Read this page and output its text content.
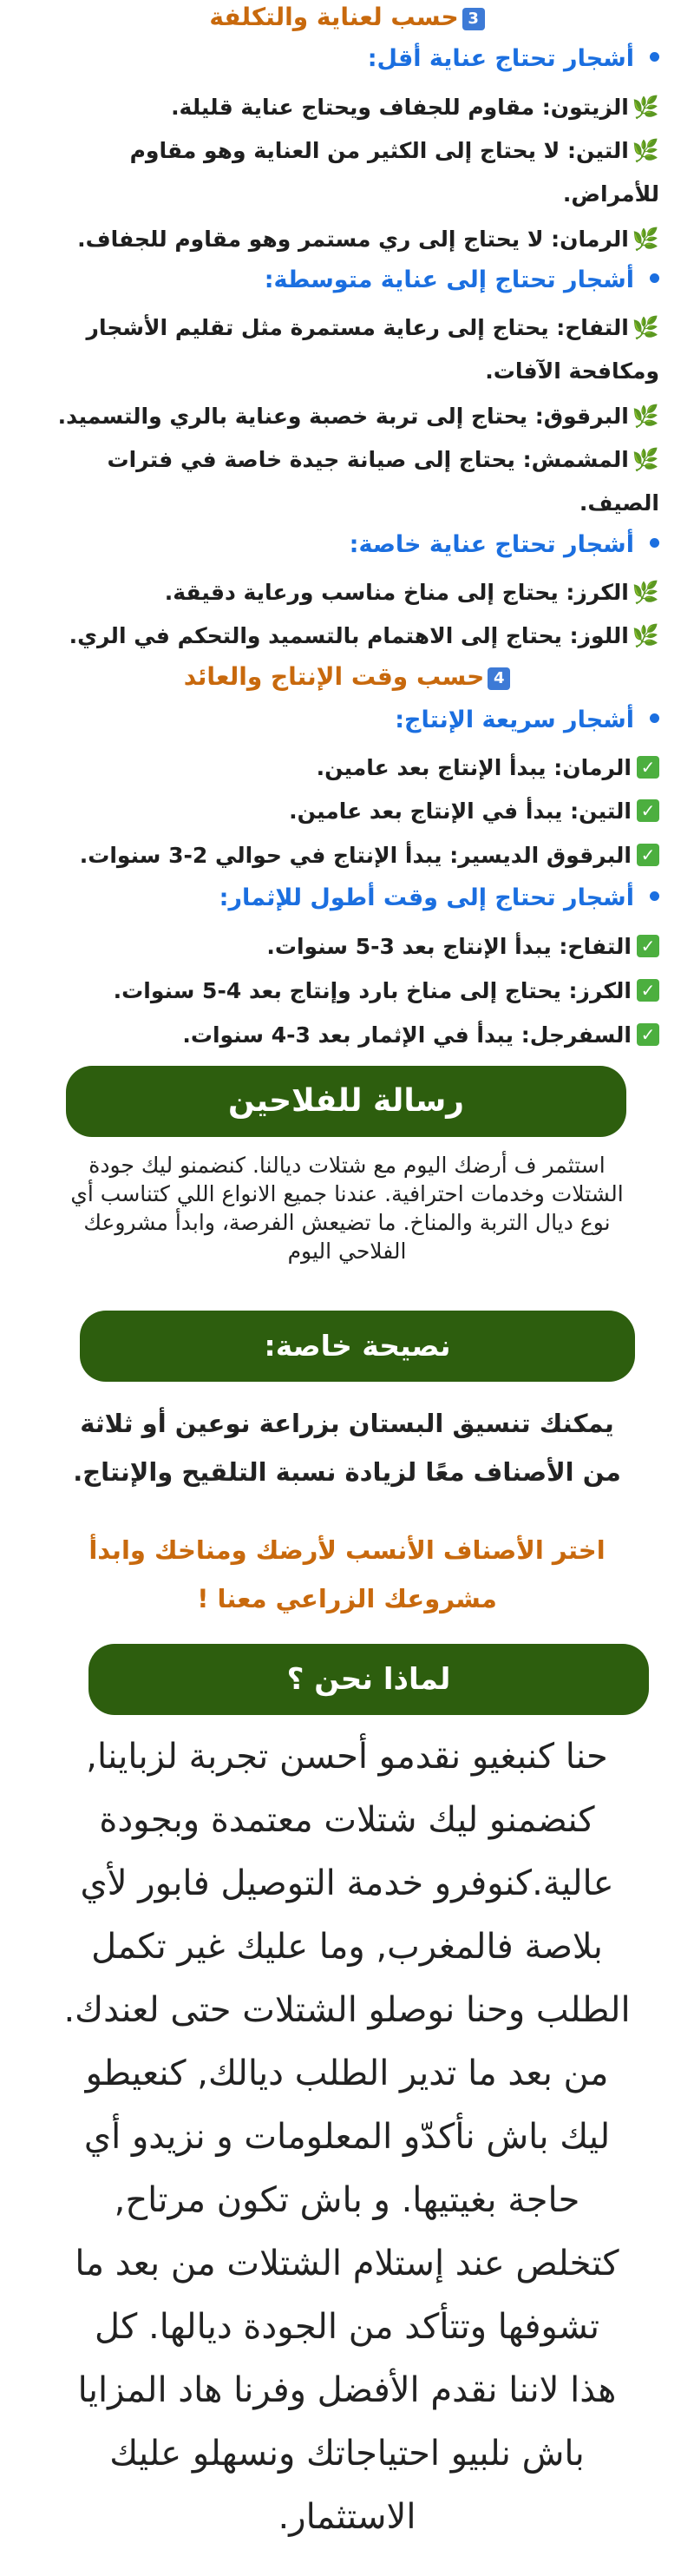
3حسب لعناية والتكلفة
أشجار تحتاج عناية أقل:
🌿الزيتون: مقاوم للجفاف ويحتاج عناية قليلة.
🌿التين: لا يحتاج إلى الكثير من العناية وهو مقاوم للأمراض.
🌿الرمان: لا يحتاج إلى ري مستمر وهو مقاوم للجفاف.
أشجار تحتاج إلى عناية متوسطة:
🌿التفاح: يحتاج إلى رعاية مستمرة مثل تقليم الأشجار ومكافحة الآفات.
🌿البرقوق: يحتاج إلى تربة خصبة وعناية بالري والتسميد.
🌿المشمش: يحتاج إلى صيانة جيدة خاصة في فترات الصيف.
أشجار تحتاج عناية خاصة:
🌿الكرز: يحتاج إلى مناخ مناسب ورعاية دقيقة.
🌿اللوز: يحتاج إلى الاهتمام بالتسميد والتحكم في الري.
4حسب وقت الإنتاج والعائد
أشجار سريعة الإنتاج:
✓الرمان: يبدأ الإنتاج بعد عامين.
✓التين: يبدأ في الإنتاج بعد عامين.
✓البرقوق الديسير: يبدأ الإنتاج في حوالي 2-3 سنوات.
أشجار تحتاج إلى وقت أطول للإثمار:
✓التفاح: يبدأ الإنتاج بعد 3-5 سنوات.
✓الكرز: يحتاج إلى مناخ بارد وإنتاج بعد 4-5 سنوات.
✓السفرجل: يبدأ في الإثمار بعد 3-4 سنوات.
رسالة للفلاحين
استثمر ف أرضك اليوم مع شتلات ديالنا. كنضمنو ليك جودة
الشتلات وخدمات احترافية. عندنا جميع الانواع اللي كتناسب أي
نوع ديال التربة والمناخ. ما تضيعش الفرصة، وابدأ مشروعك
الفلاحي اليوم
نصيحة خاصة:
يمكنك تنسيق البستان بزراعة نوعين أو ثلاثة
من الأصناف معًا لزيادة نسبة التلقيح والإنتاج.
اختر الأصناف الأنسب لأرضك ومناخك وابدأ
مشروعك الزراعي معنا !
لماذا نحن ؟
حنا كنبغيو نقدمو أحسن تجربة لزباينا,
كنضمنو ليك شتلات معتمدة وبجودة
عالية.كنوفرو خدمة التوصيل فابور لأي
بلاصة فالمغرب, وما عليك غير تكمل
الطلب وحنا نوصلو الشتلات حتى لعندك.
من بعد ما تدير الطلب ديالك, كنعيطو
ليك باش نأكدّو المعلومات و نزيدو أي
حاجة بغيتيها. و باش تكون مرتاح,
كتخلص عند إستلام الشتلات من بعد ما
تشوفها وتتأكد من الجودة ديالها. كل
هذا لاننا نقدم الأفضل وفرنا هاد المزايا
باش نلبيو احتياجاتك ونسهلو عليك
الاستثمار.
